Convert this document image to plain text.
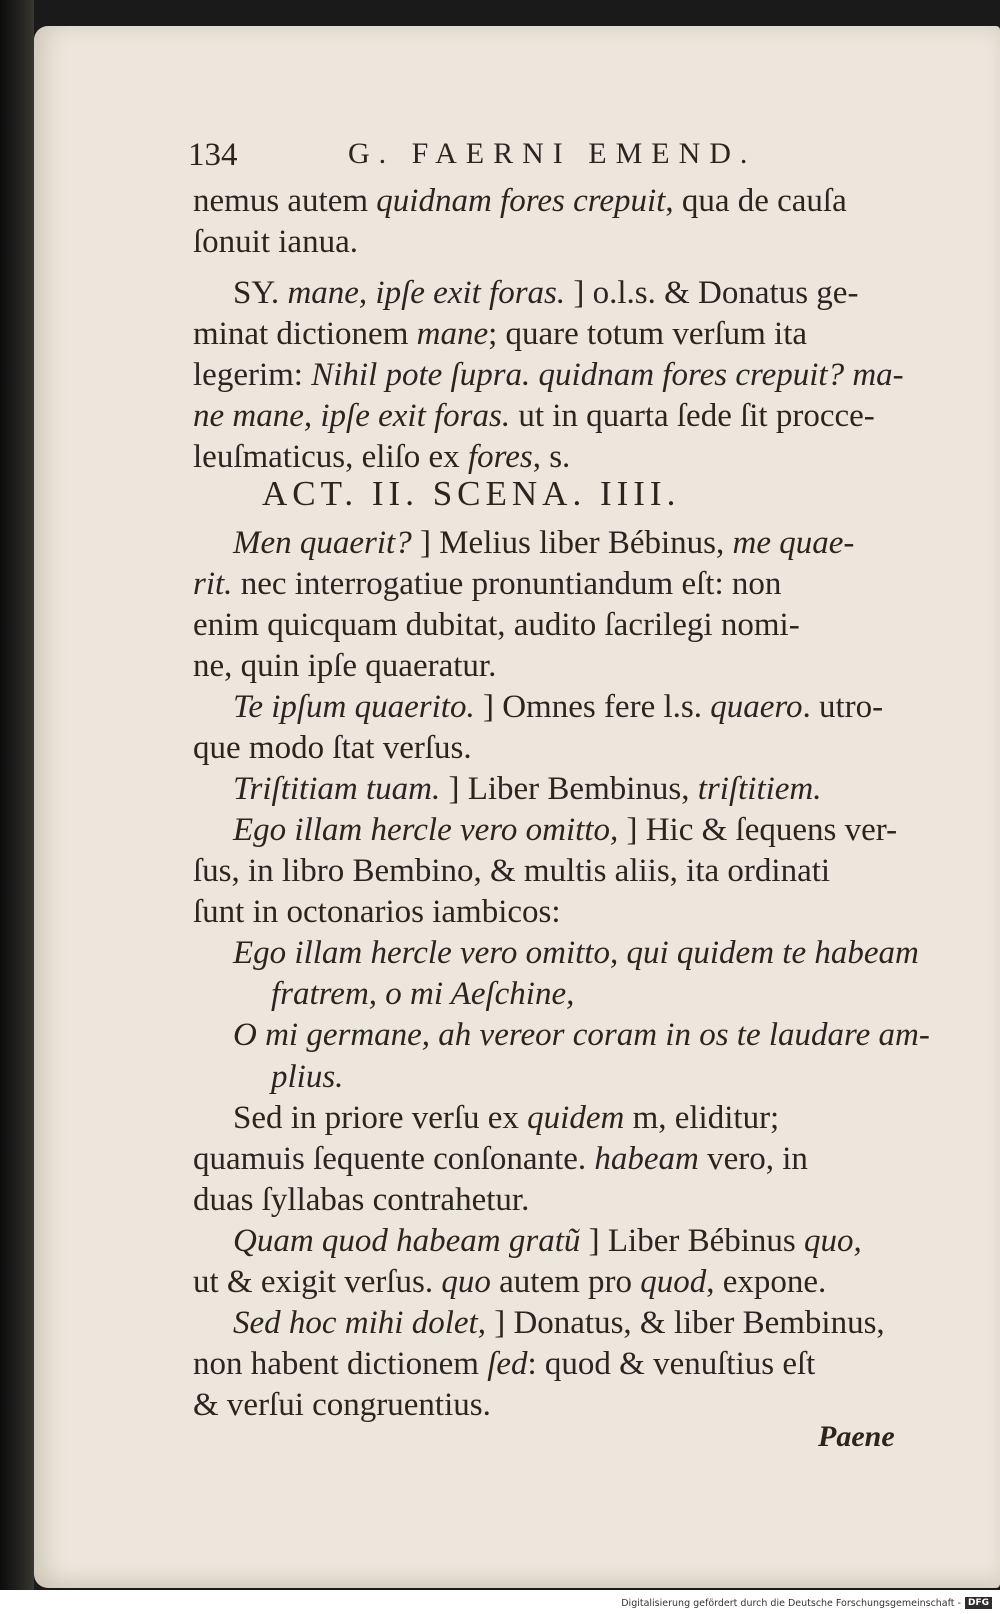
134	G. FAERNI EMEND.
nemus autem quidnam fores crepuit, qua de cauſa
ſonuit ianua.
SY. mane, ipſe exit foras. ] o.l.s. & Donatus ge-
minat dictionem mane; quare totum verſum ita
legerim: Nihil pote ſupra. quidnam fores crepuit? ma-
ne mane, ipſe exit foras. ut in quarta ſede ſit procce-
leuſmaticus, eliſo ex fores, s.
Men quaerit? ] Melius liber Bébinus, me quae-
rit. nec interrogatiue pronuntiandum eſt: non
enim quicquam dubitat, audito ſacrilegi nomi-
ne, quin ipſe quaeratur.
Te ipſum quaerito. ] Omnes fere l.s. quaero. utro-
que modo ſtat verſus.
Triſtitiam tuam. ] Liber Bembinus, triſtitiem.
Ego illam hercle vero omitto, ] Hic & ſequens ver-
ſus, in libro Bembino, & multis aliis, ita ordinati
ſunt in octonarios iambicos:
Ego illam hercle vero omitto, qui quidem te habeam
fratrem, o mi Aeſchine,
O mi germane, ah vereor coram in os te laudare am-
plius.
Sed in priore verſu ex quidem m, eliditur;
quamuis ſequente conſonante. habeam vero, in
duas ſyllabas contrahetur.
Quam quod habeam gratũ ] Liber Bébinus quo,
ut & exigit verſus. quo autem pro quod, expone.
Sed hoc mihi dolet, ] Donatus, & liber Bembinus,
non habent dictionem ſed: quod & venuſtius eſt
& verſui congruentius.
ACT. II. SCENA. IIII.
Paene
Digitalisierung gefördert durch die Deutsche Forschungsgemeinschaft - DFG
